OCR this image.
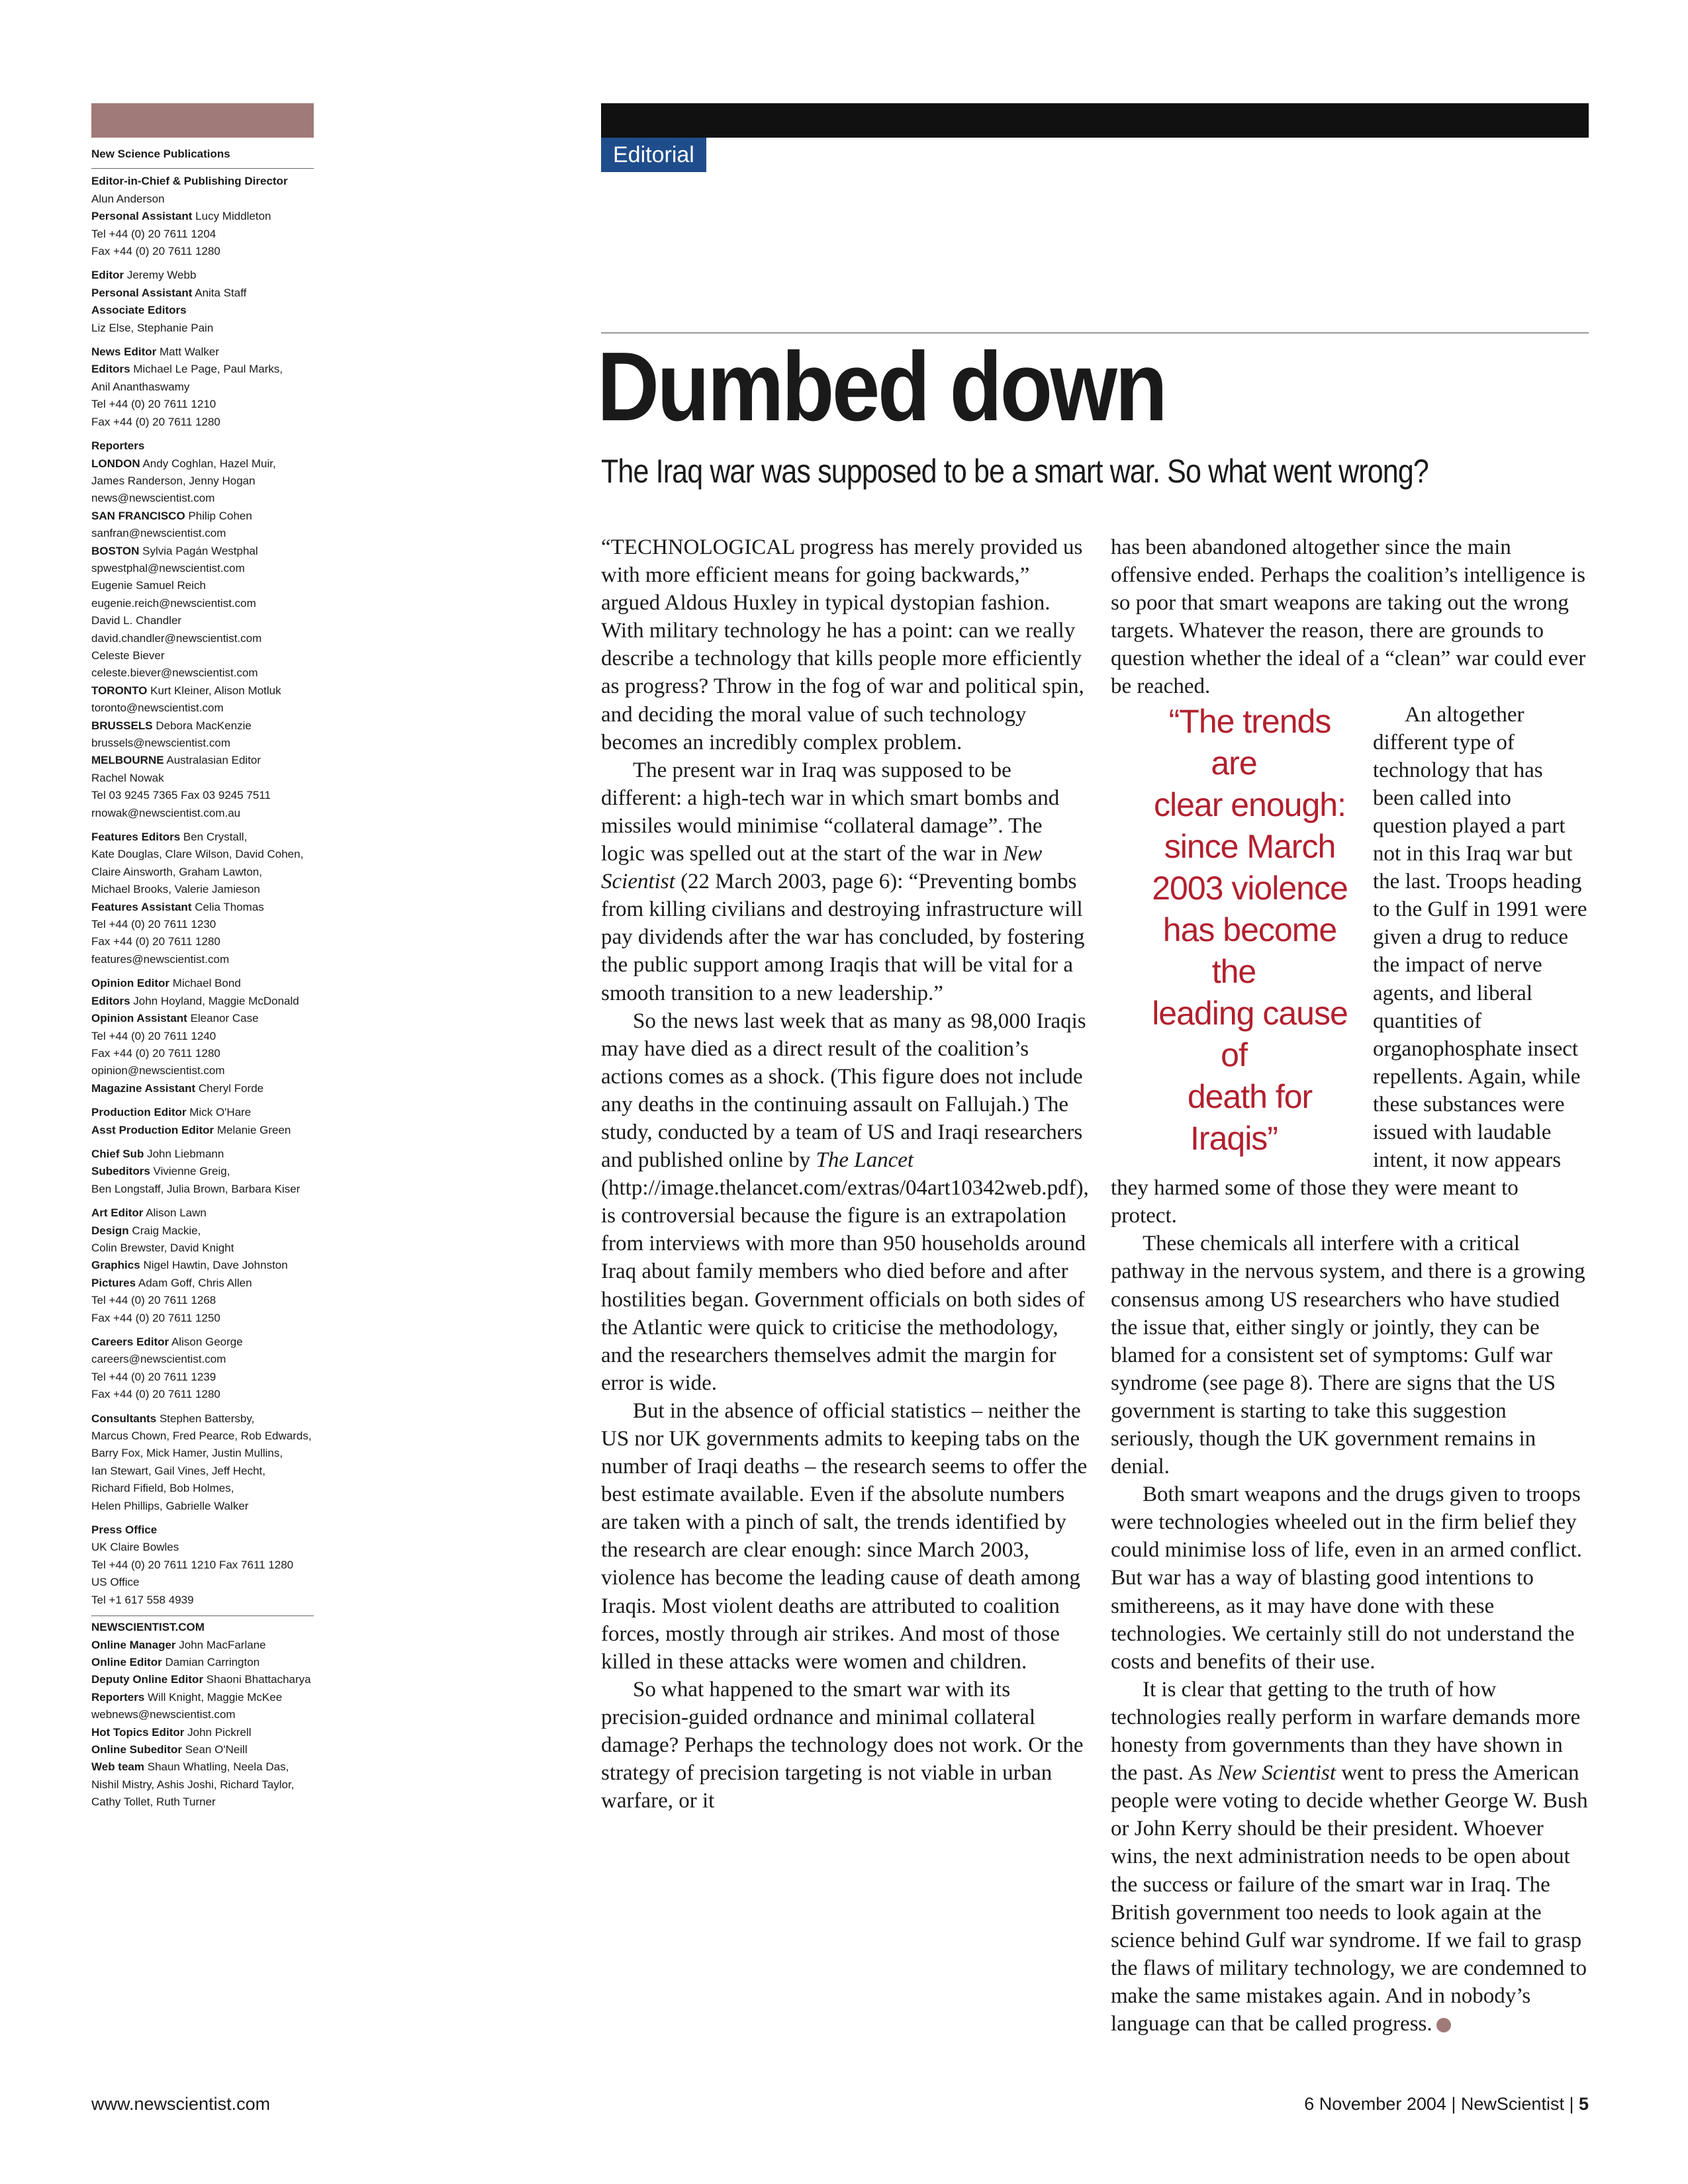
New Science Publications
Editor-in-Chief & Publishing Director
Alun Anderson
Personal Assistant Lucy Middleton
Tel +44 (0) 20 7611 1204
Fax +44 (0) 20 7611 1280
Editor Jeremy Webb
Personal Assistant Anita Staff
Associate Editors
Liz Else, Stephanie Pain
News Editor Matt Walker
Editors Michael Le Page, Paul Marks,
Anil Ananthaswamy
Tel +44 (0) 20 7611 1210
Fax +44 (0) 20 7611 1280
Reporters
LONDON Andy Coghlan, Hazel Muir,
James Randerson, Jenny Hogan
news@newscientist.com
SAN FRANCISCO Philip Cohen
sanfran@newscientist.com
BOSTON Sylvia Pagán Westphal
spwestphal@newscientist.com
Eugenie Samuel Reich
eugenie.reich@newscientist.com
David L. Chandler
david.chandler@newscientist.com
Celeste Biever
celeste.biever@newscientist.com
TORONTO Kurt Kleiner, Alison Motluk
toronto@newscientist.com
BRUSSELS Debora MacKenzie
brussels@newscientist.com
MELBOURNE Australasian Editor
Rachel Nowak
Tel 03 9245 7365 Fax 03 9245 7511
rnowak@newscientist.com.au
Features Editors Ben Crystall,
Kate Douglas, Clare Wilson, David Cohen,
Claire Ainsworth, Graham Lawton,
Michael Brooks, Valerie Jamieson
Features Assistant Celia Thomas
Tel +44 (0) 20 7611 1230
Fax +44 (0) 20 7611 1280
features@newscientist.com
Opinion Editor Michael Bond
Editors John Hoyland, Maggie McDonald
Opinion Assistant Eleanor Case
Tel +44 (0) 20 7611 1240
Fax +44 (0) 20 7611 1280
opinion@newscientist.com
Magazine Assistant Cheryl Forde
Production Editor Mick O'Hare
Asst Production Editor Melanie Green
Chief Sub John Liebmann
Subeditors Vivienne Greig,
Ben Longstaff, Julia Brown, Barbara Kiser
Art Editor Alison Lawn
Design Craig Mackie,
Colin Brewster, David Knight
Graphics Nigel Hawtin, Dave Johnston
Pictures Adam Goff, Chris Allen
Tel +44 (0) 20 7611 1268
Fax +44 (0) 20 7611 1250
Careers Editor Alison George
careers@newscientist.com
Tel +44 (0) 20 7611 1239
Fax +44 (0) 20 7611 1280
Consultants Stephen Battersby,
Marcus Chown, Fred Pearce, Rob Edwards,
Barry Fox, Mick Hamer, Justin Mullins,
Ian Stewart, Gail Vines, Jeff Hecht,
Richard Fifield, Bob Holmes,
Helen Phillips, Gabrielle Walker
Press Office
UK Claire Bowles
Tel +44 (0) 20 7611 1210 Fax 7611 1280
US Office
Tel +1 617 558 4939
NEWSCIENTIST.COM
Online Manager John MacFarlane
Online Editor Damian Carrington
Deputy Online Editor Shaoni Bhattacharya
Reporters Will Knight, Maggie McKee
webnews@newscientist.com
Hot Topics Editor John Pickrell
Online Subeditor Sean O'Neill
Web team Shaun Whatling, Neela Das,
Nishil Mistry, Ashis Joshi, Richard Taylor,
Cathy Tollet, Ruth Turner
Editorial
Dumbed down
The Iraq war was supposed to be a smart war. So what went wrong?

“TECHNOLOGICAL progress has merely provided us with more efficient means for going backwards,” argued Aldous Huxley in typical dystopian fashion. With military technology he has a point: can we really describe a technology that kills people more efficiently as progress? Throw in the fog of war and political spin, and deciding the moral value of such technology becomes an incredibly complex problem.

The present war in Iraq was supposed to be different: a high-tech war in which smart bombs and missiles would minimise “collateral damage”. The logic was spelled out at the start of the war in New Scientist (22 March 2003, page 6): “Preventing bombs from killing civilians and destroying infrastructure will pay dividends after the war has concluded, by fostering the public support among Iraqis that will be vital for a smooth transition to a new leadership.”

So the news last week that as many as 98,000 Iraqis may have died as a direct result of the coalition’s actions comes as a shock. (This figure does not include any deaths in the continuing assault on Fallujah.) The study, conducted by a team of US and Iraqi researchers and published online by The Lancet (http://image.thelancet.com/extras/04art10342web.pdf), is controversial because the figure is an extrapolation from interviews with more than 950 households around Iraq about family members who died before and after hostilities began. Government officials on both sides of the Atlantic were quick to criticise the methodology, and the researchers themselves admit the margin for error is wide.

But in the absence of official statistics – neither the US nor UK governments admits to keeping tabs on the number of Iraqi deaths – the research seems to offer the best estimate available. Even if the absolute numbers are taken with a pinch of salt, the trends identified by the research are clear enough: since March 2003, violence has become the leading cause of death among Iraqis. Most violent deaths are attributed to coalition forces, mostly through air strikes. And most of those killed in these attacks were women and children.

So what happened to the smart war with its precision-guided ordnance and minimal collateral damage? Perhaps the technology does not work. Or the strategy of precision targeting is not viable in urban warfare, or it

has been abandoned altogether since the main offensive ended. Perhaps the coalition’s intelligence is so poor that smart weapons are taking out the wrong targets. Whatever the reason, there are grounds to question whether the ideal of a “clean” war could ever be reached.

“The trends are
clear enough:
since March
2003 violence
has become the
leading cause of
death for Iraqis”
An altogether different type of technology that has been called into question played a part not in this Iraq war but the last. Troops heading to the Gulf in 1991 were given a drug to reduce the impact of nerve agents, and liberal quantities of organophosphate insect repellents. Again, while these substances were issued with laudable intent, it now appears they harmed some of those they were meant to protect.

These chemicals all interfere with a critical pathway in the nervous system, and there is a growing consensus among US researchers who have studied the issue that, either singly or jointly, they can be blamed for a consistent set of symptoms: Gulf war syndrome (see page 8). There are signs that the US government is starting to take this suggestion seriously, though the UK government remains in denial.

Both smart weapons and the drugs given to troops were technologies wheeled out in the firm belief they could minimise loss of life, even in an armed conflict. But war has a way of blasting good intentions to smithereens, as it may have done with these technologies. We certainly still do not understand the costs and benefits of their use.

It is clear that getting to the truth of how technologies really perform in warfare demands more honesty from governments than they have shown in the past. As New Scientist went to press the American people were voting to decide whether George W. Bush or John Kerry should be their president. Whoever wins, the next administration needs to be open about the success or failure of the smart war in Iraq. The British government too needs to look again at the science behind Gulf war syndrome. If we fail to grasp the flaws of military technology, we are condemned to make the same mistakes again. And in nobody’s language can that be called progress.

www.newscientist.com	6 November 2004 | NewScientist | 5
